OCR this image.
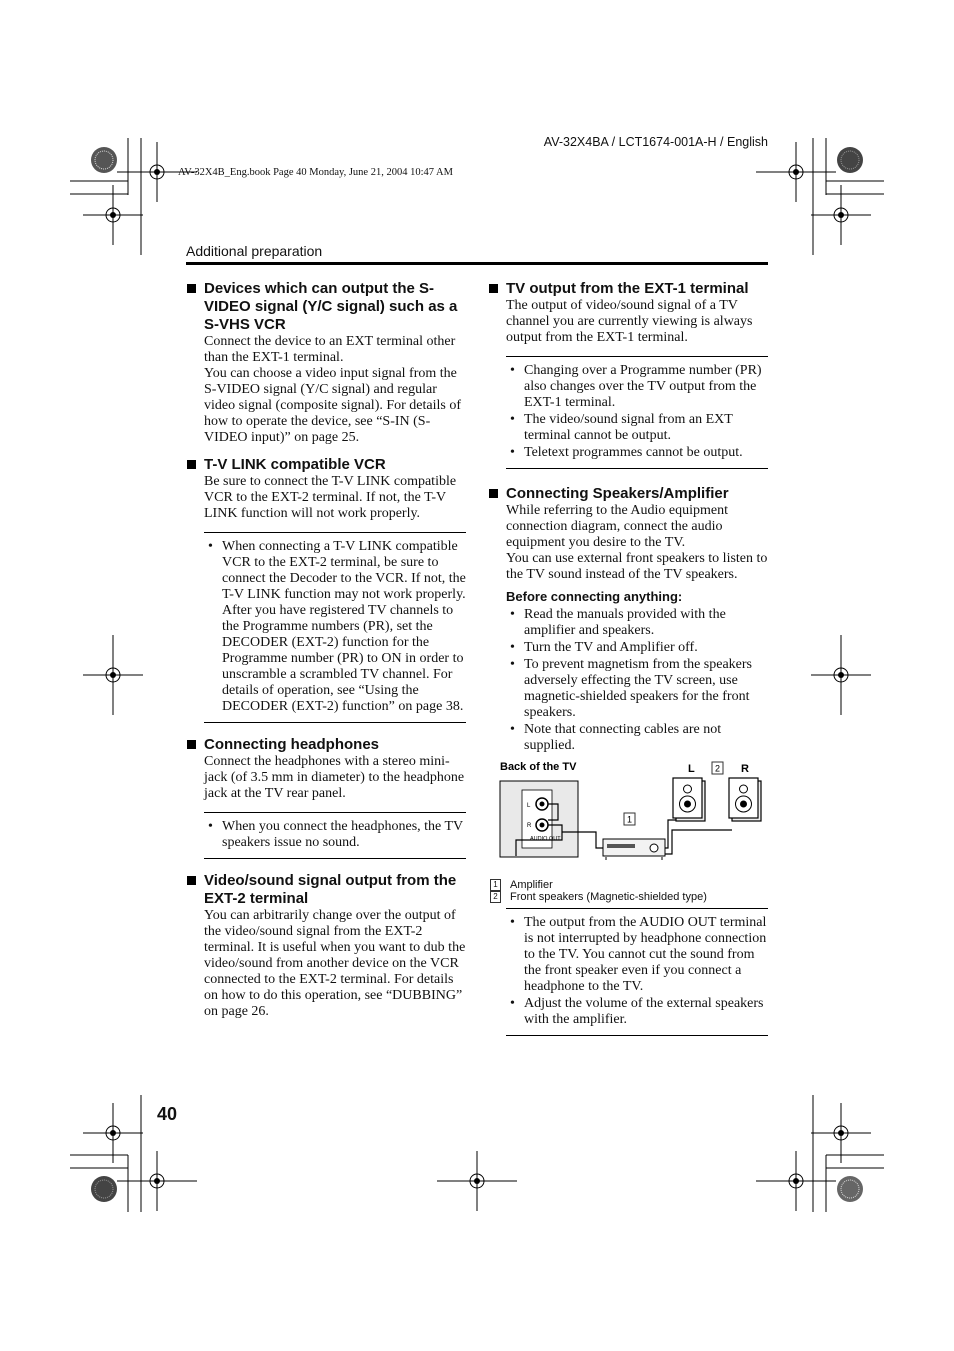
AV-32X4BA / LCT1674-001A-H / English
AV-32X4B_Eng.book Page 40 Monday, June 21, 2004 10:47 AM
Additional preparation
Devices which can output the S-VIDEO signal (Y/C signal) such as a S-VHS VCR

Connect the device to an EXT terminal other than the EXT-1 terminal.
You can choose a video input signal from the S-VIDEO signal (Y/C signal) and regular video signal (composite signal). For details of how to operate the device, see “S-IN (S-VIDEO input)” on page 25.

T-V LINK compatible VCR

Be sure to connect the T-V LINK compatible VCR to the EXT-2 terminal. If not, the T-V LINK function will not work properly.

• When connecting a T-V LINK compatible VCR to the EXT-2 terminal, be sure to connect the Decoder to the VCR. If not, the T-V LINK function may not work properly. After you have registered TV channels to the Programme numbers (PR), set the DECODER (EXT-2) function for the Programme number (PR) to ON in order to unscramble a scrambled TV channel. For details of operation, see “Using the DECODER (EXT-2) function” on page 38.
Connecting headphones

Connect the headphones with a stereo mini-jack (of 3.5 mm in diameter) to the headphone jack at the TV rear panel.

• When you connect the headphones, the TV speakers issue no sound.
Video/sound signal output from the EXT-2 terminal

You can arbitrarily change over the output of the video/sound signal from the EXT-2 terminal. It is useful when you want to dub the video/sound from another device on the VCR connected to the EXT-2 terminal. For details on how to do this operation, see “DUBBING” on page 26.

TV output from the EXT-1 terminal

The output of video/sound signal of a TV channel you are currently viewing is always output from the EXT-1 terminal.

• Changing over a Programme number (PR) also changes over the TV output from the EXT-1 terminal.
• The video/sound signal from an EXT terminal cannot be output.
• Teletext programmes cannot be output.
Connecting Speakers/Amplifier

While referring to the Audio equipment connection diagram, connect the audio equipment you desire to the TV.
You can use external front speakers to listen to the TV sound instead of the TV speakers.

Before connecting anything:
• Read the manuals provided with the amplifier and speakers.
• Turn the TV and Amplifier off.
• To prevent magnetism from the speakers adversely effecting the TV screen, use magnetic-shielded speakers for the front speakers.
• Note that connecting cables are not supplied.
Back of the TV	L 2 R
L
R
AUDIO OUT
1
1 Amplifier
2 Front speakers (Magnetic-shielded type)
• The output from the AUDIO OUT terminal is not interrupted by headphone connection to the TV. You cannot cut the sound from the front speaker even if you connect a headphone to the TV.
• Adjust the volume of the external speakers with the amplifier.
40
